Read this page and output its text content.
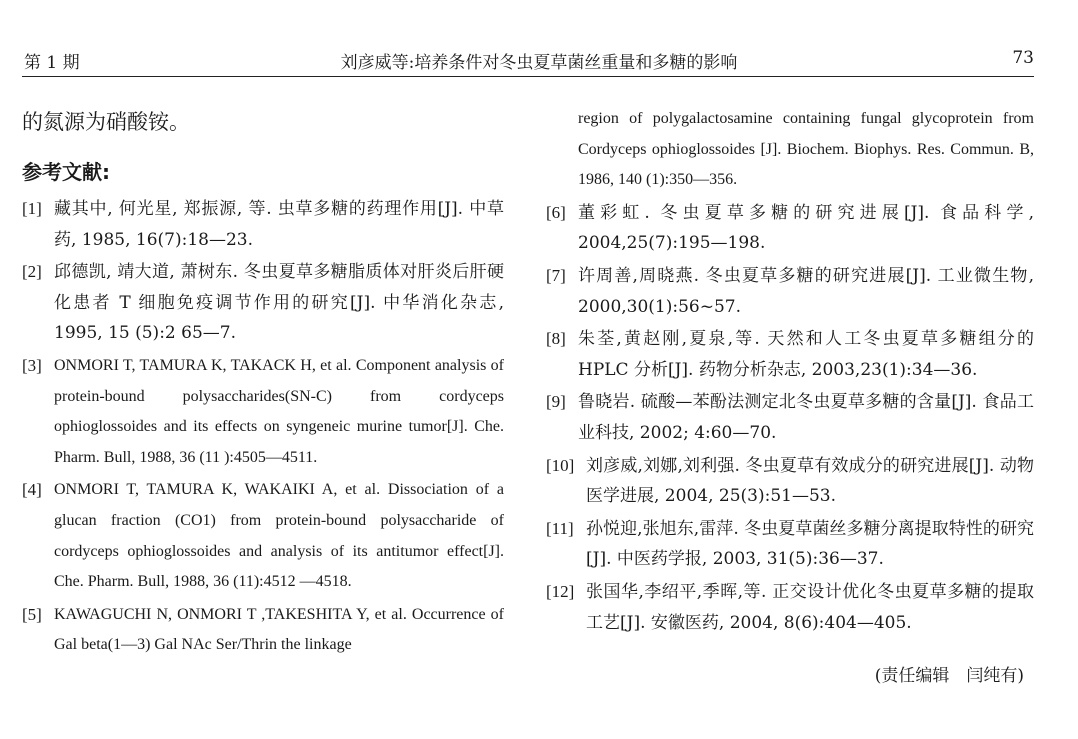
第 1 期	刘彦威等:培养条件对冬虫夏草菌丝重量和多糖的影响	73
的氮源为硝酸铵。
参考文献:
[1] 藏其中, 何光星, 郑振源, 等. 虫草多糖的药理作用[J]. 中草药, 1985, 16(7):18—23.
[2] 邱德凯, 靖大道, 萧树东. 冬虫夏草多糖脂质体对肝炎后肝硬化患者 T 细胞免疫调节作用的研究[J]. 中华消化杂志, 1995, 15 (5):2 65—7.
[3] ONMORI T, TAMURA K, TAKACK H, et al. Component analysis of protein-bound polysaccharides(SN-C) from cordyceps ophioglossoides and its effects on syngeneic murine tumor[J]. Che. Pharm. Bull, 1988, 36 (11 ):4505—4511.
[4] ONMORI T, TAMURA K, WAKAIKI A, et al. Dissociation of a glucan fraction (CO1) from protein-bound polysaccharide of cordyceps ophioglossoides and analysis of its antitumor effect[J]. Che. Pharm. Bull, 1988, 36 (11):4512 —4518.
[5] KAWAGUCHI N, ONMORI T ,TAKESHITA Y, et al. Occurrence of Gal beta(1—3) Gal NAc Ser/Thrin the linkage
region of polygalactosamine containing fungal glycoprotein from Cordyceps ophioglossoides [J]. Biochem. Biophys. Res. Commun. B, 1986, 140 (1):350—356.
[6] 董彩虹. 冬虫夏草多糖的研究进展[J]. 食品科学, 2004,25(7):195—198.
[7] 许周善,周晓燕. 冬虫夏草多糖的研究进展[J]. 工业微生物, 2000,30(1):56~57.
[8] 朱荃,黄赵刚,夏泉,等. 天然和人工冬虫夏草多糖组分的 HPLC 分析[J]. 药物分析杂志, 2003,23(1):34—36.
[9] 鲁晓岩. 硫酸—苯酚法测定北冬虫夏草多糖的含量[J]. 食品工业科技, 2002; 4:60—70.
[10] 刘彦威,刘娜,刘利强. 冬虫夏草有效成分的研究进展[J]. 动物医学进展, 2004, 25(3):51—53.
[11] 孙悦迎,张旭东,雷萍. 冬虫夏草菌丝多糖分离提取特性的研究[J]. 中医药学报, 2003, 31(5):36—37.
[12] 张国华,李绍平,季晖,等. 正交设计优化冬虫夏草多糖的提取工艺[J]. 安徽医药, 2004, 8(6):404—405.
(责任编辑　闫纯有)
